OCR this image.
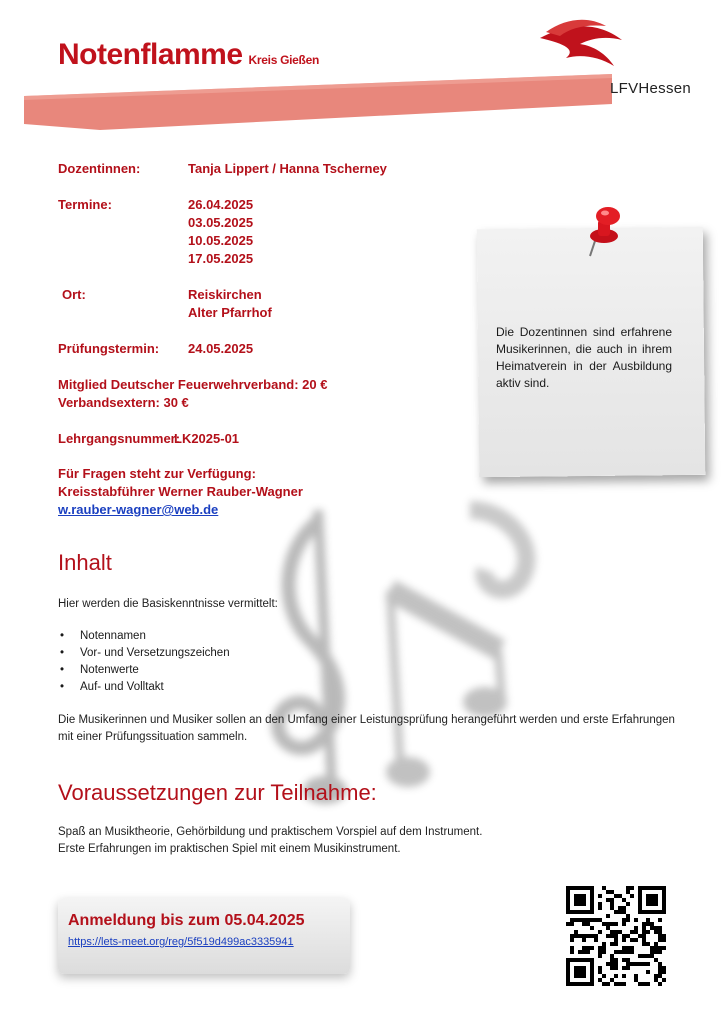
LFVHessen
Notenflamme Kreis Gießen
Dozentinnen:	Tanja Lippert / Hanna Tscherney
Termine:	26.04.2025
03.05.2025
10.05.2025
17.05.2025
Ort:	Reiskirchen
Alter Pfarrhof
Prüfungstermin: 24.05.2025
Mitglied Deutscher Feuerwehrverband: 20 €
Verbandsextern: 30 €
Lehrgangsnummer:
LK2025-01
Für Fragen steht zur Verfügung:
Kreisstabführer Werner Rauber-Wagner
w.rauber-wagner@web.de
Die Dozentinnen sind erfahrene Musikerinnen, die auch in ihrem Heimatverein in der Ausbildung aktiv sind.
Inhalt
Hier werden die Basiskenntnisse vermittelt:
• Notennamen
• Vor- und Versetzungszeichen
• Notenwerte
• Auf- und Volltakt
Die Musikerinnen und Musiker sollen an den Umfang einer Leistungsprüfung herangeführt werden und erste Erfahrungen mit einer Prüfungssituation sammeln.
Voraussetzungen zur Teilnahme:
Spaß an Musiktheorie, Gehörbildung und praktischem Vorspiel auf dem Instrument.
Erste Erfahrungen im praktischen Spiel mit einem Musikinstrument.
Anmeldung bis zum 05.04.2025
https://lets-meet.org/reg/5f519d499ac3335941
